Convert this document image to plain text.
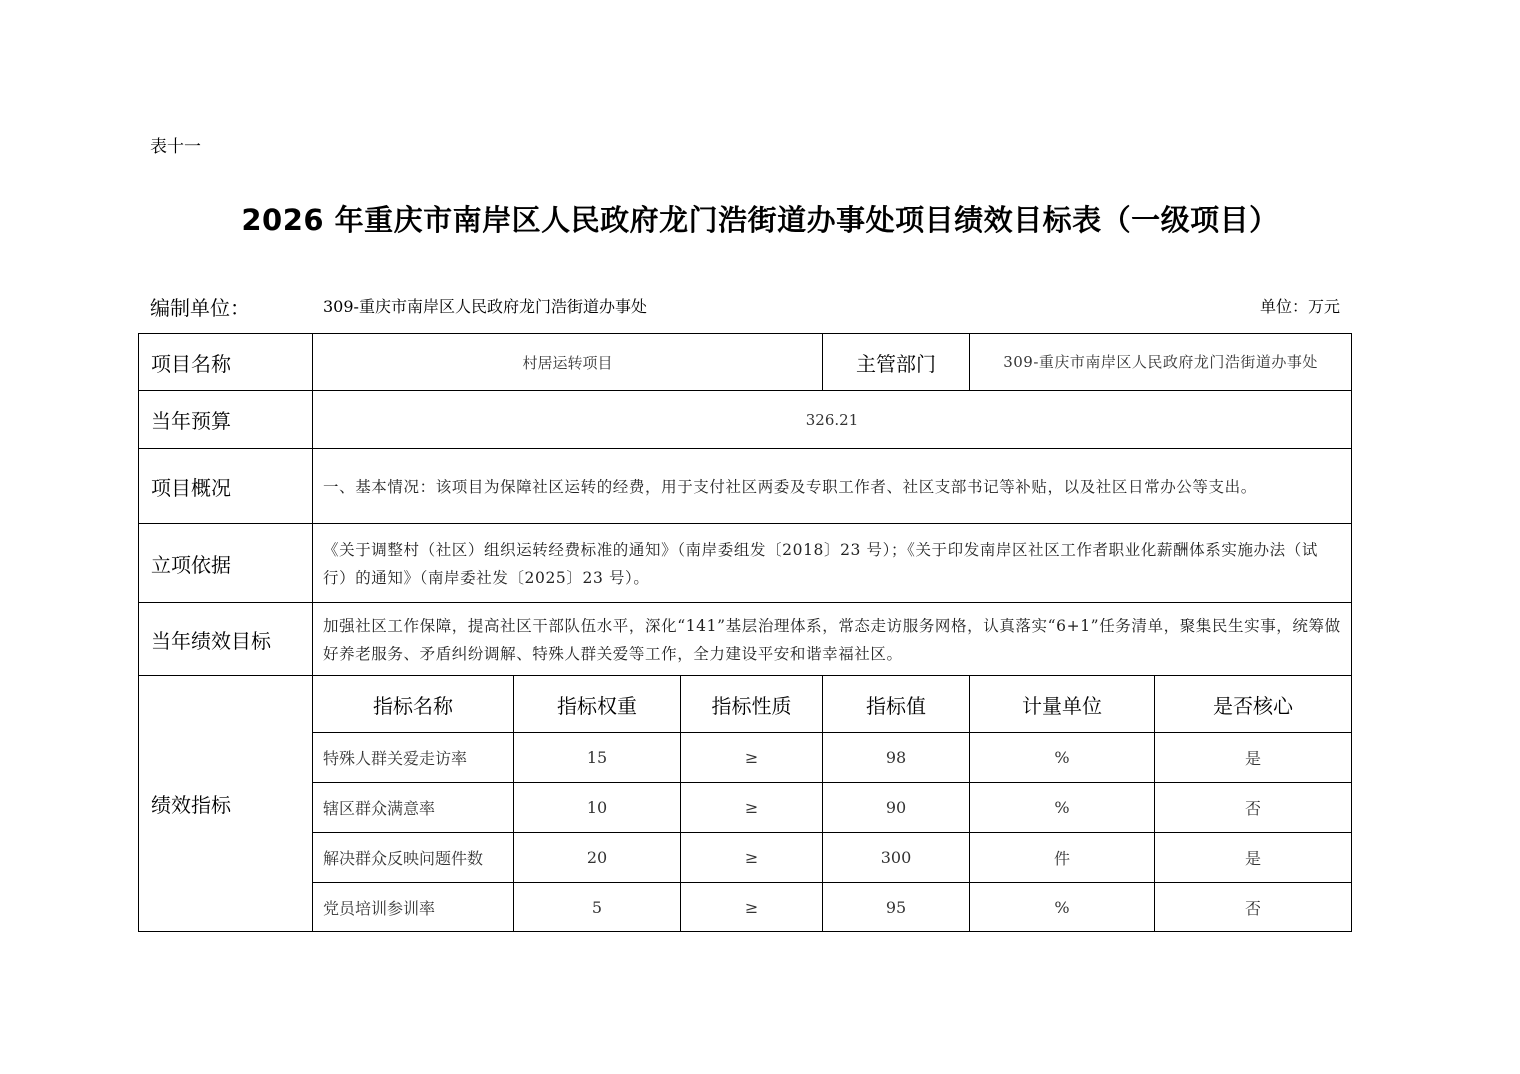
表十一
2026 年重庆市南岸区人民政府龙门浩街道办事处项目绩效目标表（一级项目）
编制单位：	309-重庆市南岸区人民政府龙门浩街道办事处	单位：万元
项目名称	村居运转项目			主管部门	309-重庆市南岸区人民政府龙门浩街道办事处	
当年预算	326.21					
项目概况	一、基本情况：该项目为保障社区运转的经费，用于支付社区两委及专职工作者、社区支部书记等补贴，以及社区日常办公等支出。					
立项依据	《关于调整村（社区）组织运转经费标准的通知》（南岸委组发〔2018〕23 号）；《关于印发南岸区社区工作者职业化薪酬体系实施办法（试行）的通知》（南岸委社发〔2025〕23 号）。					
当年绩效目标	加强社区工作保障，提高社区干部队伍水平，深化“141”基层治理体系，常态走访服务网格，认真落实“6+1”任务清单，聚集民生实事，统筹做好养老服务、矛盾纠纷调解、特殊人群关爱等工作，全力建设平安和谐幸福社区。					
绩效指标	指标名称	指标权重	指标性质	指标值	计量单位	是否核心
	特殊人群关爱走访率	15	≥	98	%	是
	辖区群众满意率	10	≥	90	%	否
	解决群众反映问题件数	20	≥	300	件	是
	党员培训参训率	5	≥	95	%	否
